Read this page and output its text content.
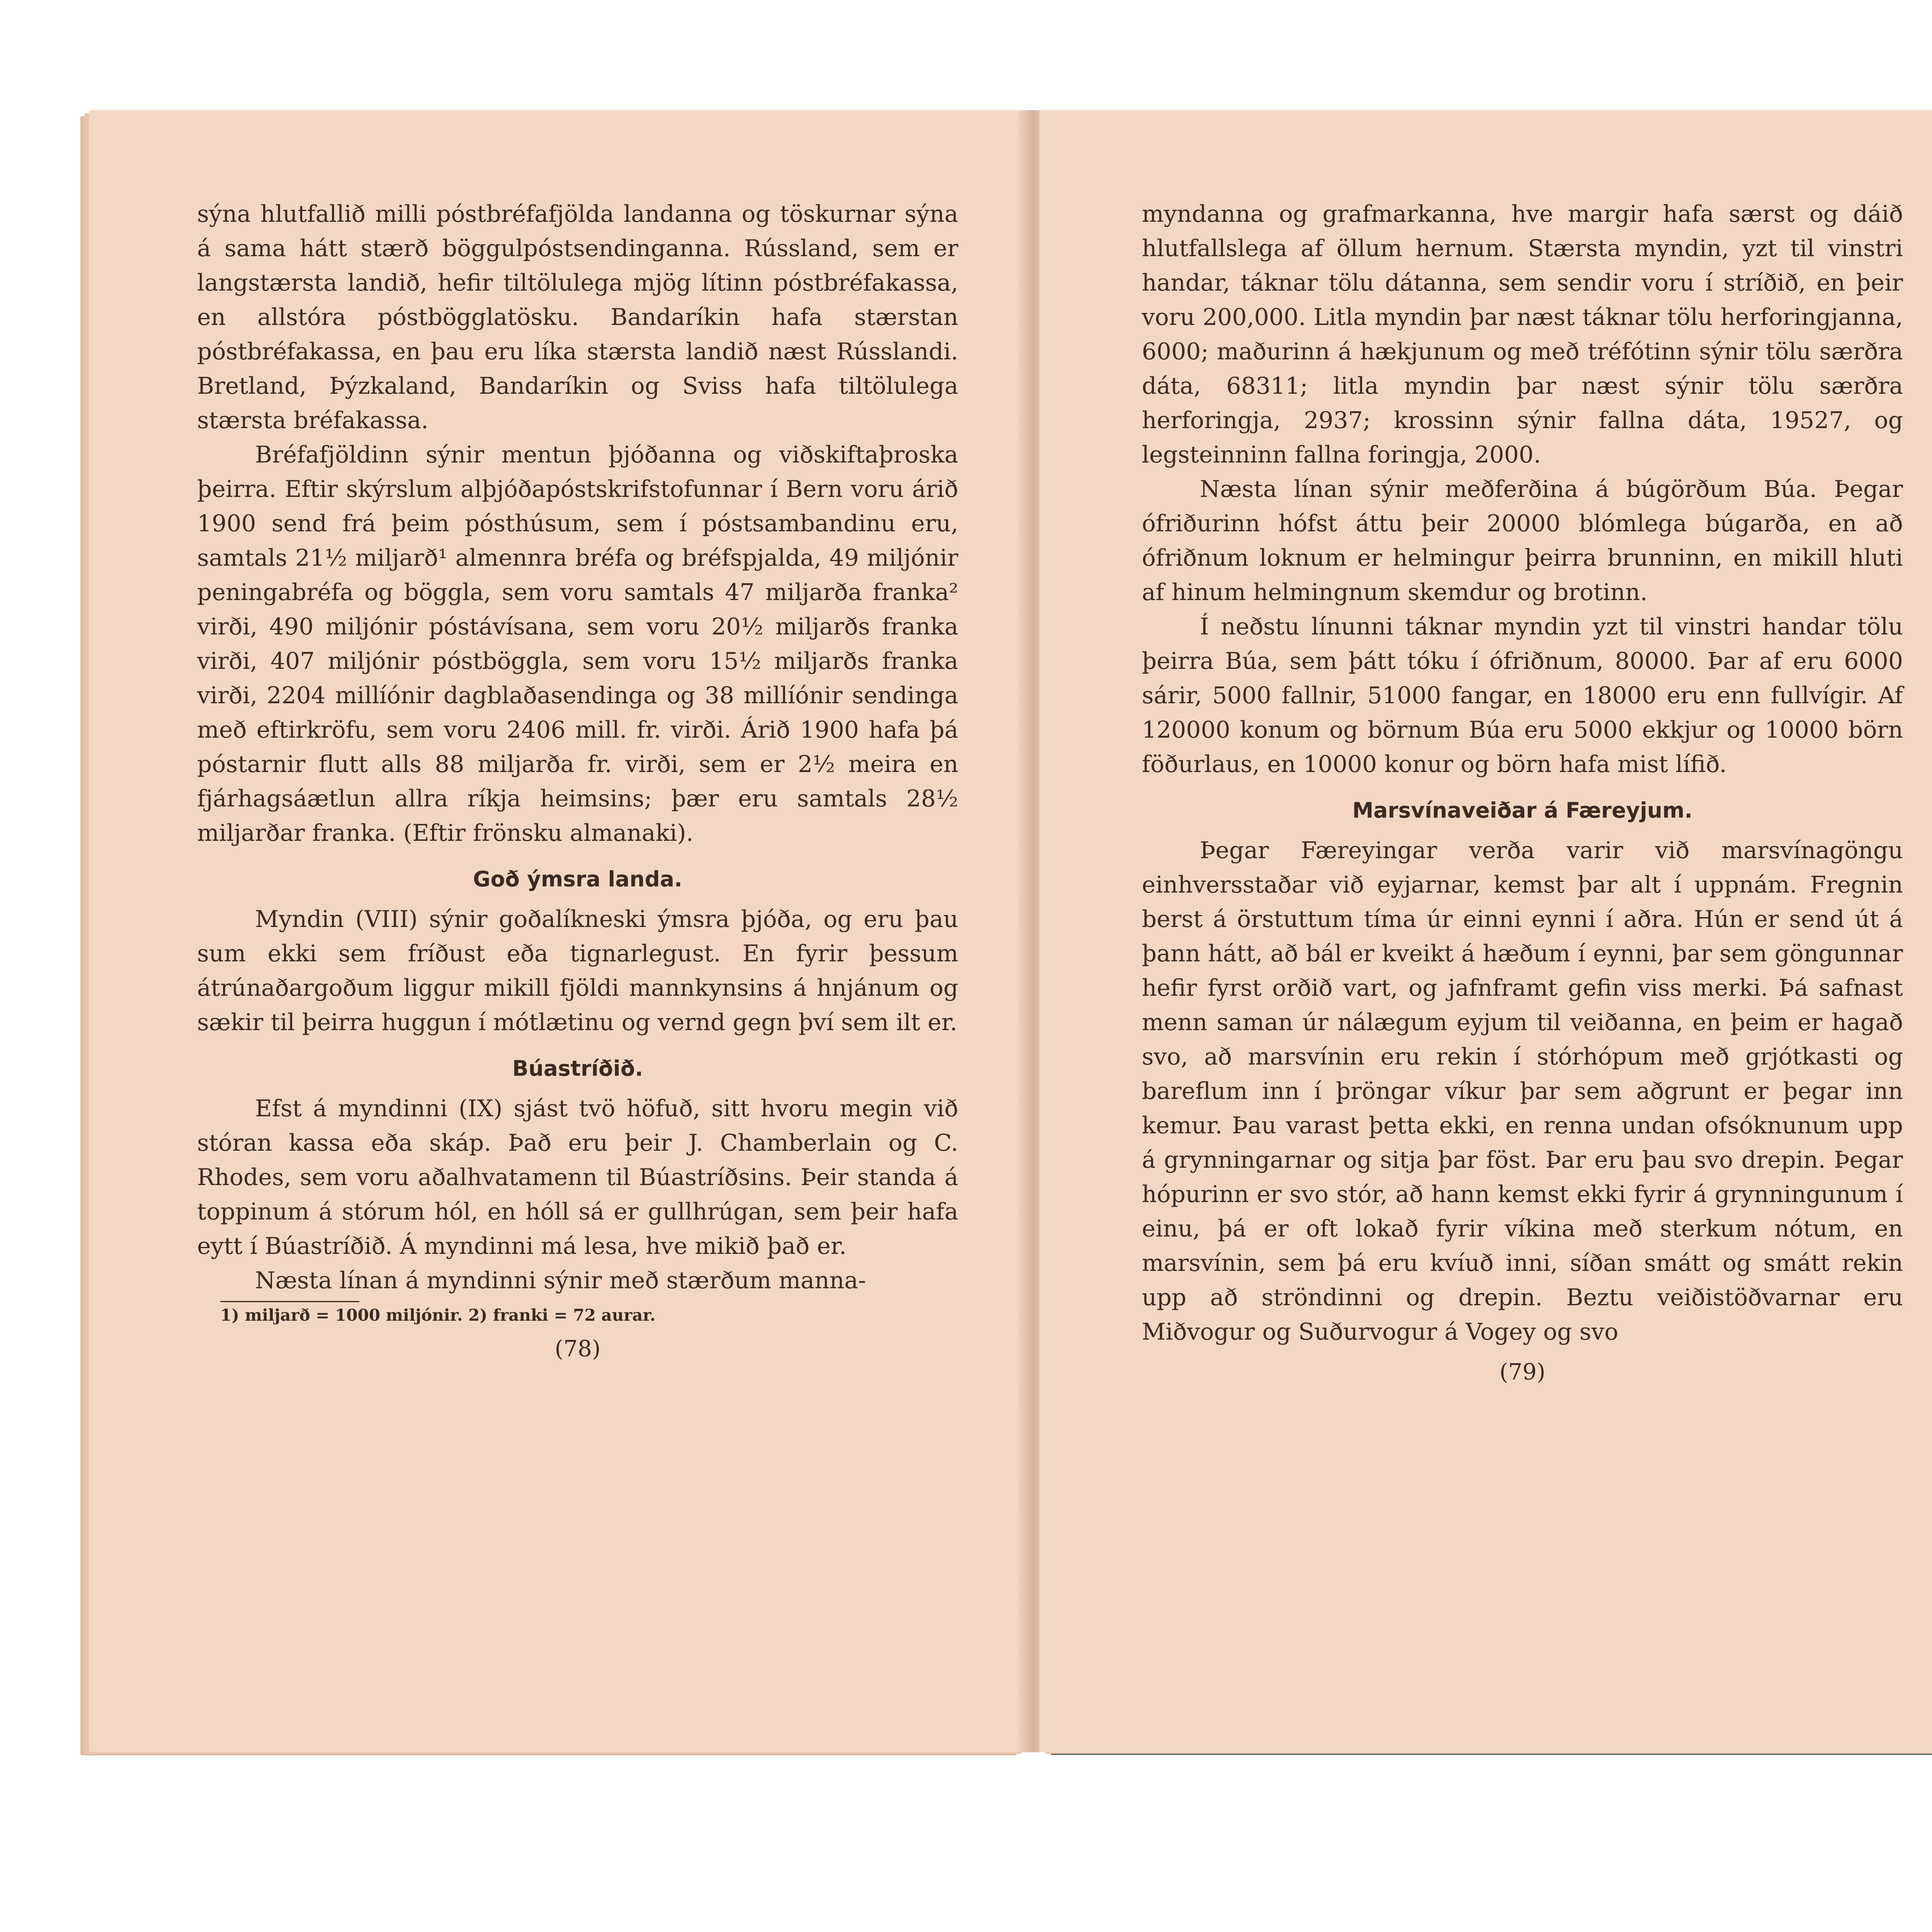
sýna hlutfallið milli póstbréfafjölda landanna og töskurnar sýna á sama hátt stærð böggulpóstsendinganna. Rússland, sem er langstærsta landið, hefir tiltölulega mjög lítinn póstbréfakassa, en allstóra póstbögglatösku. Bandaríkin hafa stærstan póstbréfakassa, en þau eru líka stærsta landið næst Rússlandi. Bretland, Þýzkaland, Bandaríkin og Sviss hafa tiltölulega stærsta bréfakassa.

Bréfafjöldinn sýnir mentun þjóðanna og viðskiftaþroska þeirra. Eftir skýrslum alþjóðapóstskrifstofunnar í Bern voru árið 1900 send frá þeim pósthúsum, sem í póstsambandinu eru, samtals 21½ miljarð¹ almennra bréfa og bréfspjalda, 49 miljónir peningabréfa og böggla, sem voru samtals 47 miljarða franka² virði, 490 miljónir póstávísana, sem voru 20½ miljarðs franka virði, 407 miljónir póstböggla, sem voru 15½ miljarðs franka virði, 2204 millíónir dagblaðasendinga og 38 millíónir sendinga með eftirkröfu, sem voru 2406 mill. fr. virði. Árið 1900 hafa þá póstarnir flutt alls 88 miljarða fr. virði, sem er 2½ meira en fjárhagsáætlun allra ríkja heimsins; þær eru samtals 28½ miljarðar franka. (Eftir frönsku almanaki).

Goð ýmsra landa.

Myndin (VIII) sýnir goðalíkneski ýmsra þjóða, og eru þau sum ekki sem fríðust eða tignarlegust. En fyrir þessum átrúnaðargoðum liggur mikill fjöldi mannkynsins á hnjánum og sækir til þeirra huggun í mótlætinu og vernd gegn því sem ilt er.

Búastríðið.

Efst á myndinni (IX) sjást tvö höfuð, sitt hvoru megin við stóran kassa eða skáp. Það eru þeir J. Chamberlain og C. Rhodes, sem voru aðalhvatamenn til Búastríðsins. Þeir standa á toppinum á stórum hól, en hóll sá er gullhrúgan, sem þeir hafa eytt í Búastríðið. Á myndinni má lesa, hve mikið það er.

Næsta línan á myndinni sýnir með stærðum manna-

1) miljarð = 1000 miljónir. 2) franki = 72 aurar.
(78)

myndanna og grafmarkanna, hve margir hafa særst og dáið hlutfallslega af öllum hernum. Stærsta myndin, yzt til vinstri handar, táknar tölu dátanna, sem sendir voru í stríðið, en þeir voru 200,000. Litla myndin þar næst táknar tölu herforingjanna, 6000; maðurinn á hækjunum og með tréfótinn sýnir tölu særðra dáta, 68311; litla myndin þar næst sýnir tölu særðra herforingja, 2937; krossinn sýnir fallna dáta, 19527, og legsteinninn fallna foringja, 2000.

Næsta línan sýnir meðferðina á búgörðum Búa. Þegar ófriðurinn hófst áttu þeir 20000 blómlega búgarða, en að ófriðnum loknum er helmingur þeirra brunninn, en mikill hluti af hinum helmingnum skemdur og brotinn.

Í neðstu línunni táknar myndin yzt til vinstri handar tölu þeirra Búa, sem þátt tóku í ófriðnum, 80000. Þar af eru 6000 sárir, 5000 fallnir, 51000 fangar, en 18000 eru enn fullvígir. Af 120000 konum og börnum Búa eru 5000 ekkjur og 10000 börn föðurlaus, en 10000 konur og börn hafa mist lífið.

Marsvínaveiðar á Færeyjum.

Þegar Færeyingar verða varir við marsvínagöngu einhversstaðar við eyjarnar, kemst þar alt í uppnám. Fregnin berst á örstuttum tíma úr einni eynni í aðra. Hún er send út á þann hátt, að bál er kveikt á hæðum í eynni, þar sem göngunnar hefir fyrst orðið vart, og jafnframt gefin viss merki. Þá safnast menn saman úr nálægum eyjum til veiðanna, en þeim er hagað svo, að marsvínin eru rekin í stórhópum með grjótkasti og bareflum inn í þröngar víkur þar sem aðgrunt er þegar inn kemur. Þau varast þetta ekki, en renna undan ofsóknunum upp á grynningarnar og sitja þar föst. Þar eru þau svo drepin. Þegar hópurinn er svo stór, að hann kemst ekki fyrir á grynningunum í einu, þá er oft lokað fyrir víkina með sterkum nótum, en marsvínin, sem þá eru kvíuð inni, síðan smátt og smátt rekin upp að ströndinni og drepin. Beztu veiðistöðvarnar eru Miðvogur og Suðurvogur á Vogey og svo

(79)
